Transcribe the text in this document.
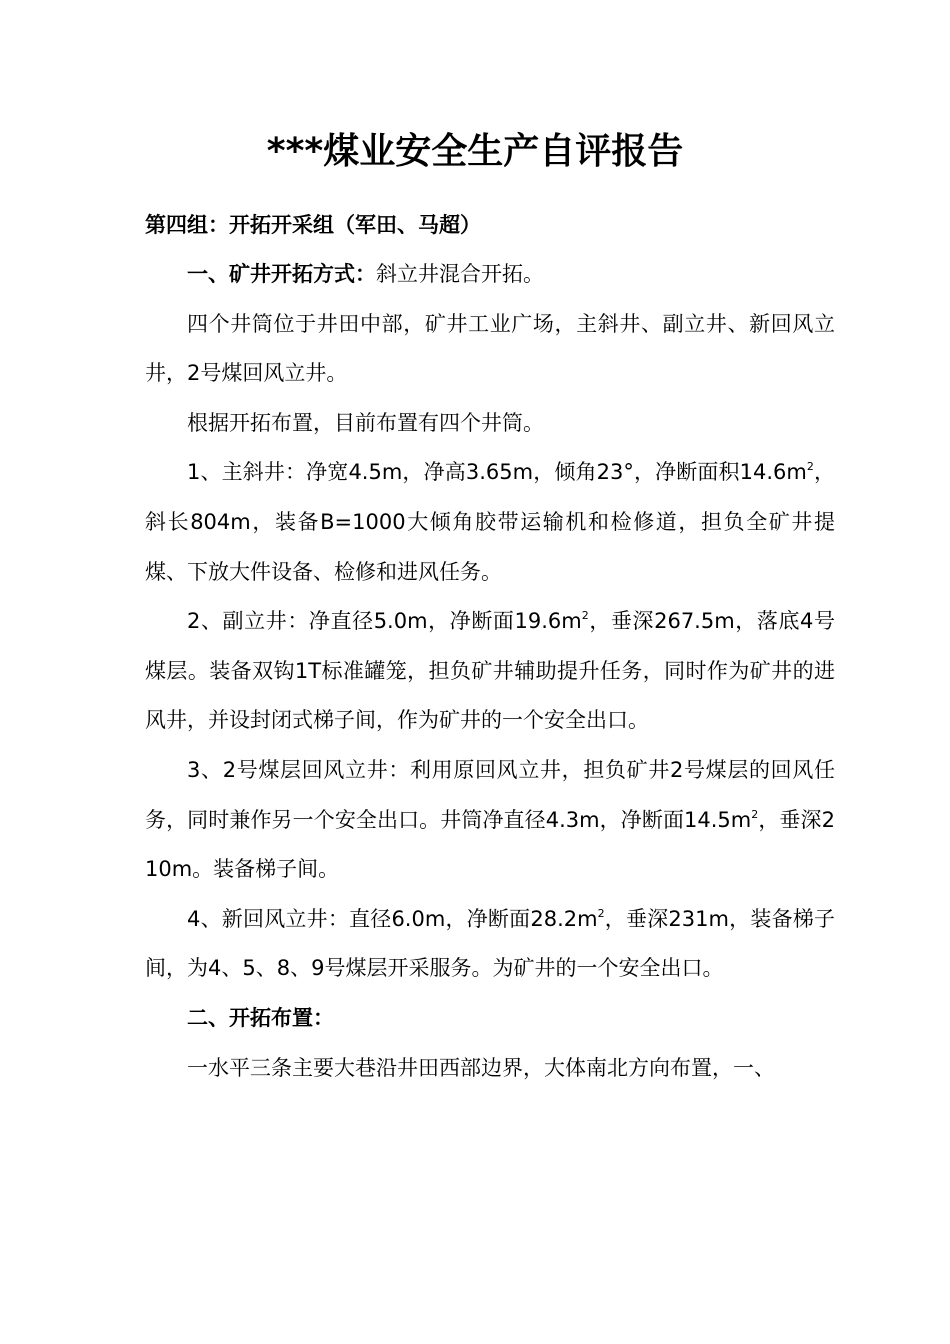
***煤业安全生产自评报告
第四组：开拓开采组（军田、马超）

一、矿井开拓方式：斜立井混合开拓。

四个井筒位于井田中部，矿井工业广场，主斜井、副立井、新回风立井，2号煤回风立井。

根据开拓布置，目前布置有四个井筒。

1、主斜井：净宽4.5m，净高3.65m，倾角23°，净断面积$14.6m^2$，斜长804m，装备B=1000大倾角胶带运输机和检修道，担负全矿井提煤、下放大件设备、检修和进风任务。

2、副立井：净直径5.0m，净断面$19.6m^2$，垂深267.5m，落底4号煤层。装备双钩1T标准罐笼，担负矿井辅助提升任务，同时作为矿井的进风井，并设封闭式梯子间，作为矿井的一个安全出口。

3、2号煤层回风立井：利用原回风立井，担负矿井2号煤层的回风任务，同时兼作另一个安全出口。井筒净直径4.3m，净断面$14.5m^2$，垂深210m。装备梯子间。

4、新回风立井：直径6.0m，净断面$28.2m^2$，垂深231m，装备梯子间，为4、5、8、9号煤层开采服务。为矿井的一个安全出口。

二、开拓布置：

一水平三条主要大巷沿井田西部边界，大体南北方向布置，一、
